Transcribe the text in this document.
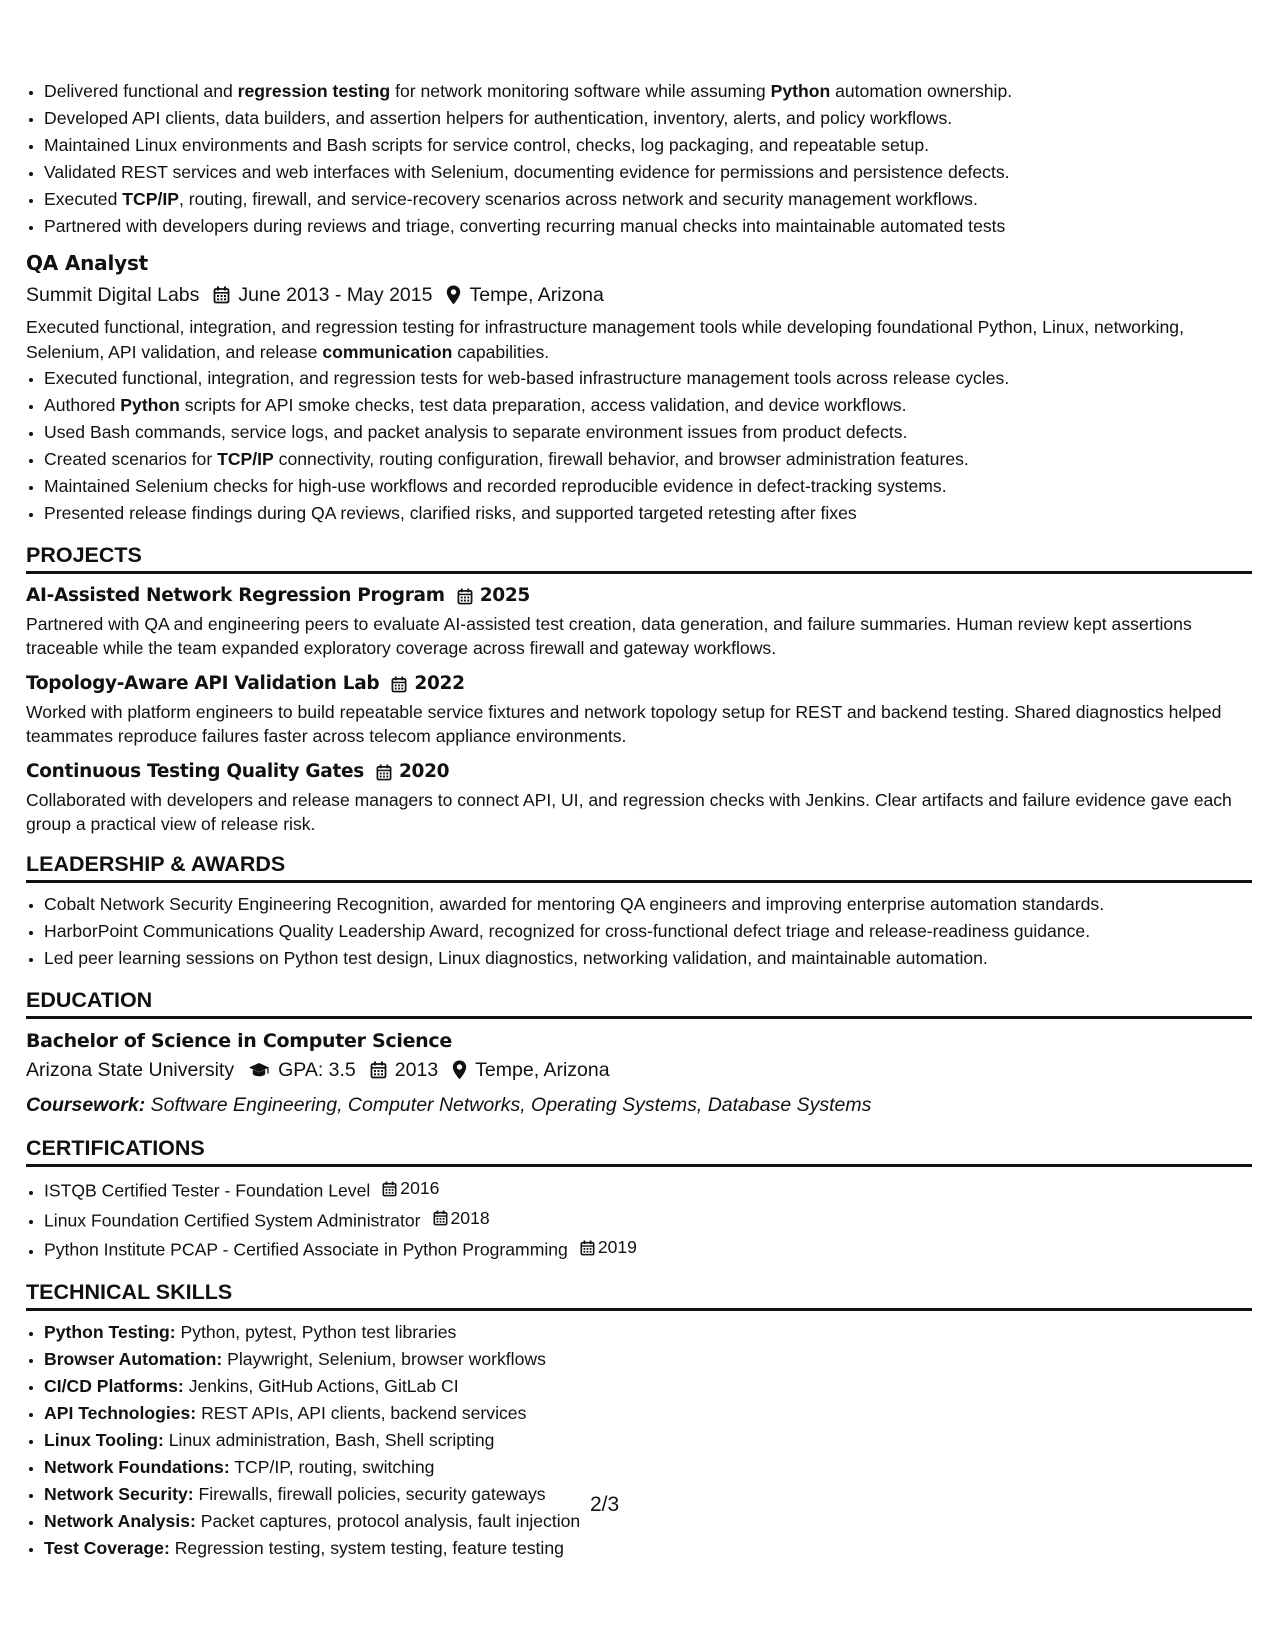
• Delivered functional and regression testing for network monitoring software while assuming Python automation ownership.
• Developed API clients, data builders, and assertion helpers for authentication, inventory, alerts, and policy workflows.
• Maintained Linux environments and Bash scripts for service control, checks, log packaging, and repeatable setup.
• Validated REST services and web interfaces with Selenium, documenting evidence for permissions and persistence defects.
• Executed TCP/IP, routing, firewall, and service-recovery scenarios across network and security management workflows.
• Partnered with developers during reviews and triage, converting recurring manual checks into maintainable automated tests
QA Analyst
Summit Digital Labs June 2013 - May 2015 Tempe, Arizona
Executed functional, integration, and regression testing for infrastructure management tools while developing foundational Python, Linux, networking, Selenium, API validation, and release communication capabilities.
• Executed functional, integration, and regression tests for web-based infrastructure management tools across release cycles.
• Authored Python scripts for API smoke checks, test data preparation, access validation, and device workflows.
• Used Bash commands, service logs, and packet analysis to separate environment issues from product defects.
• Created scenarios for TCP/IP connectivity, routing configuration, firewall behavior, and browser administration features.
• Maintained Selenium checks for high-use workflows and recorded reproducible evidence in defect-tracking systems.
• Presented release findings during QA reviews, clarified risks, and supported targeted retesting after fixes
PROJECTS
AI-Assisted Network Regression Program 2025
Partnered with QA and engineering peers to evaluate AI-assisted test creation, data generation, and failure summaries. Human review kept assertions traceable while the team expanded exploratory coverage across firewall and gateway workflows.
Topology-Aware API Validation Lab 2022
Worked with platform engineers to build repeatable service fixtures and network topology setup for REST and backend testing. Shared diagnostics helped teammates reproduce failures faster across telecom appliance environments.
Continuous Testing Quality Gates 2020
Collaborated with developers and release managers to connect API, UI, and regression checks with Jenkins. Clear artifacts and failure evidence gave each group a practical view of release risk.
LEADERSHIP & AWARDS
• Cobalt Network Security Engineering Recognition, awarded for mentoring QA engineers and improving enterprise automation standards.
• HarborPoint Communications Quality Leadership Award, recognized for cross-functional defect triage and release-readiness guidance.
• Led peer learning sessions on Python test design, Linux diagnostics, networking validation, and maintainable automation.
EDUCATION
Bachelor of Science in Computer Science
Arizona State University GPA: 3.5 2013 Tempe, Arizona
Coursework: Software Engineering, Computer Networks, Operating Systems, Database Systems
CERTIFICATIONS
• ISTQB Certified Tester - Foundation Level 2016
• Linux Foundation Certified System Administrator 2018
• Python Institute PCAP - Certified Associate in Python Programming 2019
TECHNICAL SKILLS
• Python Testing: Python, pytest, Python test libraries
• Browser Automation: Playwright, Selenium, browser workflows
• CI/CD Platforms: Jenkins, GitHub Actions, GitLab CI
• API Technologies: REST APIs, API clients, backend services
• Linux Tooling: Linux administration, Bash, Shell scripting
• Network Foundations: TCP/IP, routing, switching
• Network Security: Firewalls, firewall policies, security gateways
• Network Analysis: Packet captures, protocol analysis, fault injection
• Test Coverage: Regression testing, system testing, feature testing
2/3
